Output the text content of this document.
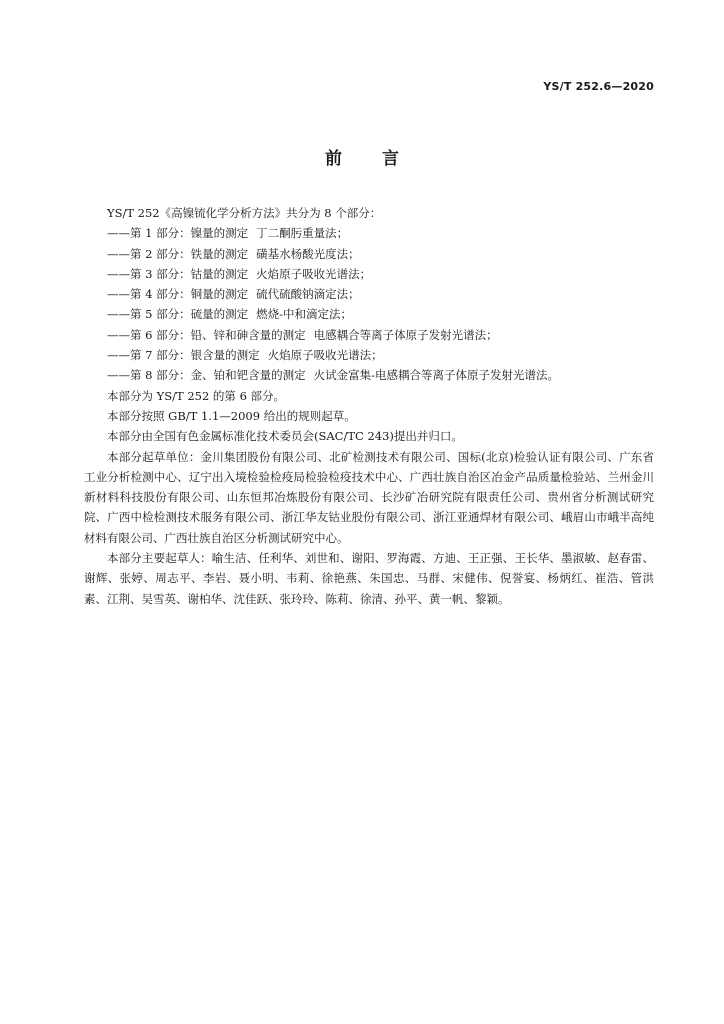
YS/T 252.6—2020
前言

YS/T 252《高镍锍化学分析方法》共分为 8 个部分：

——第 1 部分：镍量的测定 丁二酮肟重量法；

——第 2 部分：铁量的测定 磺基水杨酸光度法；

——第 3 部分：钴量的测定 火焰原子吸收光谱法；

——第 4 部分：铜量的测定 硫代硫酸钠滴定法；

——第 5 部分：硫量的测定 燃烧-中和滴定法；

——第 6 部分：铅、锌和砷含量的测定 电感耦合等离子体原子发射光谱法；

——第 7 部分：银含量的测定 火焰原子吸收光谱法；

——第 8 部分：金、铂和钯含量的测定 火试金富集-电感耦合等离子体原子发射光谱法。

本部分为 YS/T 252 的第 6 部分。

本部分按照 GB/T 1.1—2009 给出的规则起草。

本部分由全国有色金属标准化技术委员会(SAC/TC 243)提出并归口。

本部分起草单位：金川集团股份有限公司、北矿检测技术有限公司、国标(北京)检验认证有限公司、广东省工业分析检测中心、辽宁出入境检验检疫局检验检疫技术中心、广西壮族自治区冶金产品质量检验站、兰州金川新材料科技股份有限公司、山东恒邦冶炼股份有限公司、长沙矿冶研究院有限责任公司、贵州省分析测试研究院、广西中检检测技术服务有限公司、浙江华友钴业股份有限公司、浙江亚通焊材有限公司、峨眉山市峨半高纯材料有限公司、广西壮族自治区分析测试研究中心。

本部分主要起草人：喻生洁、任利华、刘世和、谢阳、罗海霞、方迪、王正强、王长华、墨淑敏、赵春雷、谢辉、张婷、周志平、李岩、聂小明、韦莉、徐艳燕、朱国忠、马群、宋健伟、倪誉宴、杨炳红、崔浩、管洪素、江荆、吴雪英、谢柏华、沈佳跃、张玲玲、陈莉、徐清、孙平、黄一帆、黎颖。
